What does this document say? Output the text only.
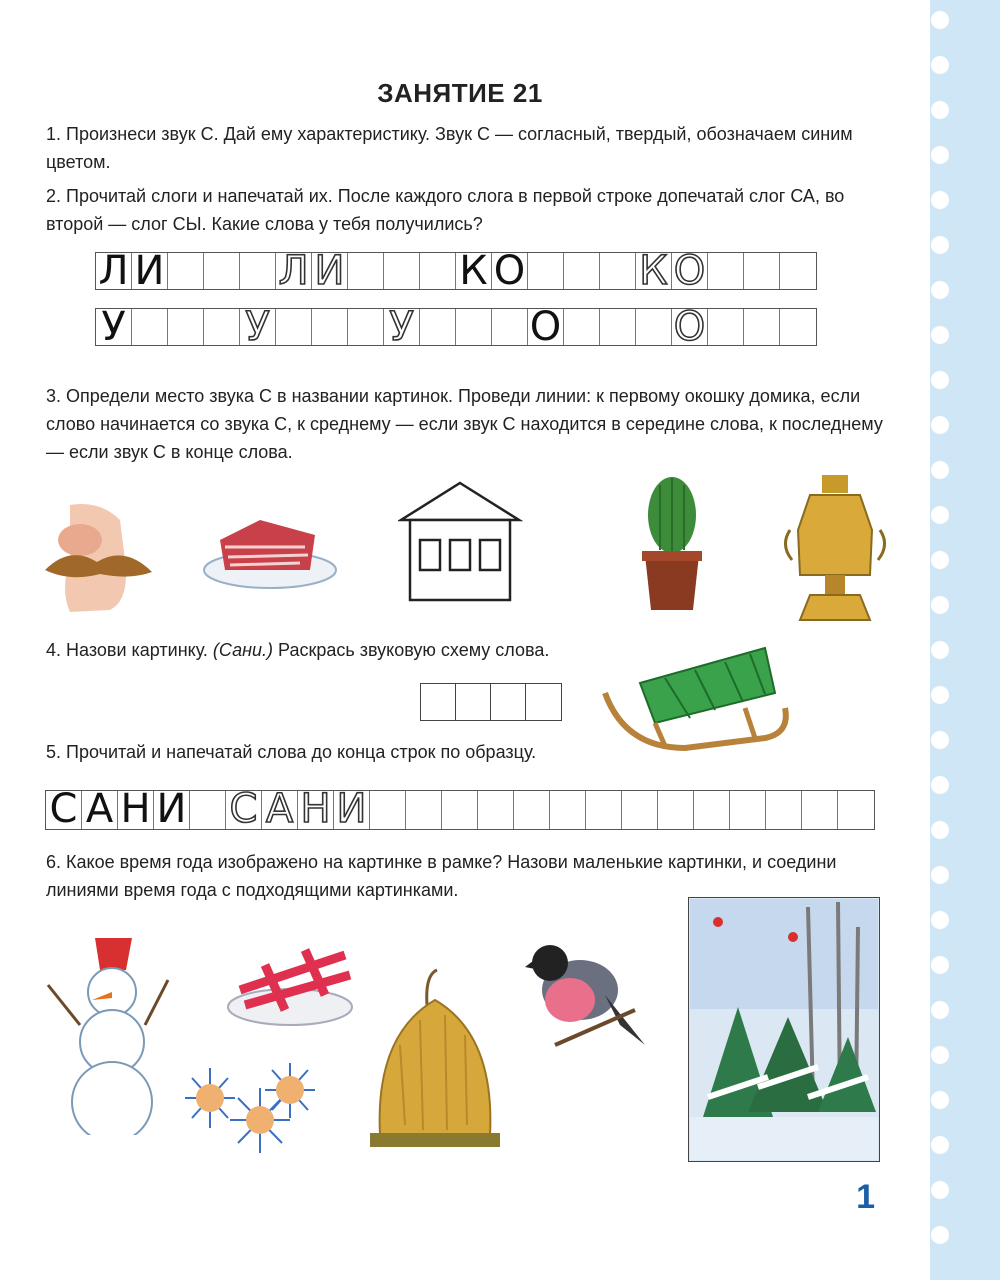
ЗАНЯТИЕ 21
1. Произнеси звук С. Дай ему характеристику. Звук С — согласный, твердый, обозначаем синим цветом.
2. Прочитай слоги и напечатай их. После каждого слога в первой строке допечатай слог СА, во второй — слог СЫ. Какие слова у тебя получились?
Л И	Л И	К О	К О
У	У	У	О	О
3. Определи место звука С в названии картинок. Проведи линии: к первому окошку домика, если слово начинается со звука С, к среднему — если звук С находится в середине слова, к последнему — если звук С в конце слова.
4. Назови картинку. (Сани.) Раскрась звуковую схему слова.
5. Прочитай и напечатай слова до конца строк по образцу.
С А Н И С А Н И
6. Какое время года изображено на картинке в рамке? Назови маленькие картинки, и соедини линиями время года с подходящими картинками.
1
